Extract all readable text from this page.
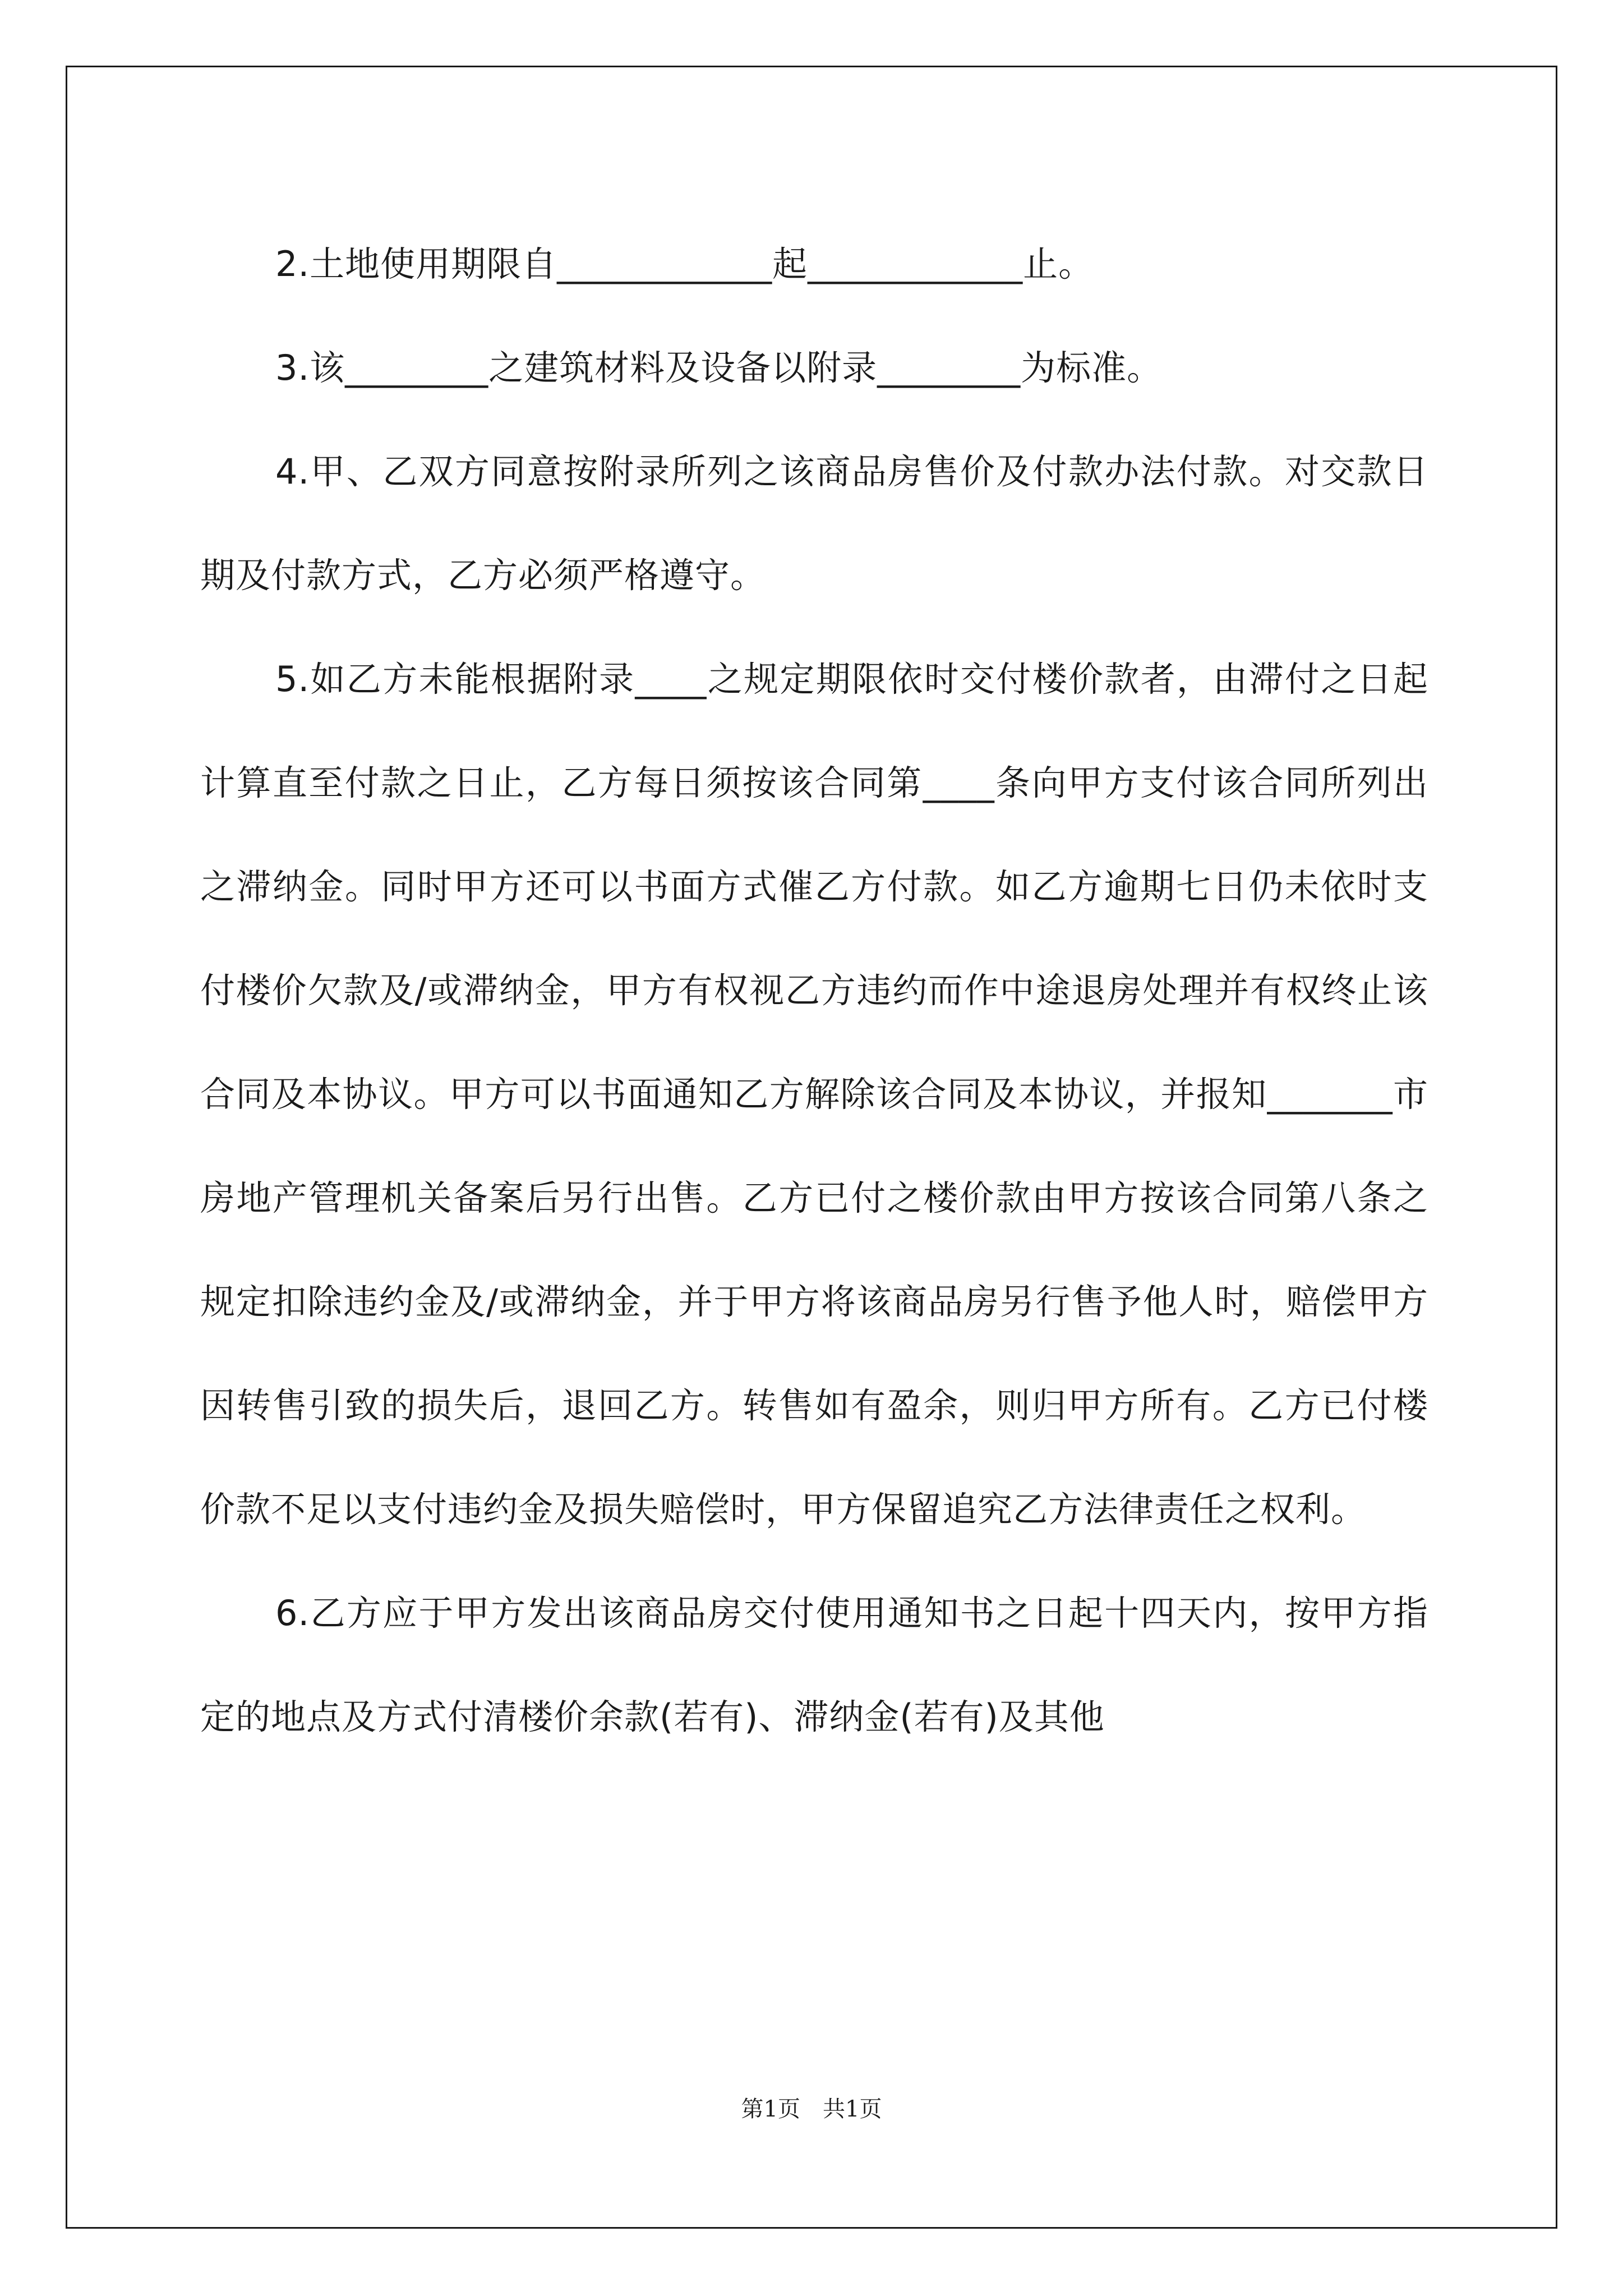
2.土地使用期限自____________起____________止。

3.该________之建筑材料及设备以附录________为标准。

4.甲、乙双方同意按附录所列之该商品房售价及付款办法付款。对交款日期及付款方式，乙方必须严格遵守。

5.如乙方未能根据附录____之规定期限依时交付楼价款者，由滞付之日起计算直至付款之日止，乙方每日须按该合同第____条向甲方支付该合同所列出之滞纳金。同时甲方还可以书面方式催乙方付款。如乙方逾期七日仍未依时支付楼价欠款及/或滞纳金，甲方有权视乙方违约而作中途退房处理并有权终止该合同及本协议。甲方可以书面通知乙方解除该合同及本协议，并报知_______市房地产管理机关备案后另行出售。乙方已付之楼价款由甲方按该合同第八条之规定扣除违约金及/或滞纳金，并于甲方将该商品房另行售予他人时，赔偿甲方因转售引致的损失后，退回乙方。转售如有盈余，则归甲方所有。乙方已付楼价款不足以支付违约金及损失赔偿时，甲方保留追究乙方法律责任之权利。

6.乙方应于甲方发出该商品房交付使用通知书之日起十四天内，按甲方指定的地点及方式付清楼价余款(若有)、滞纳金(若有)及其他

第1页 共1页
